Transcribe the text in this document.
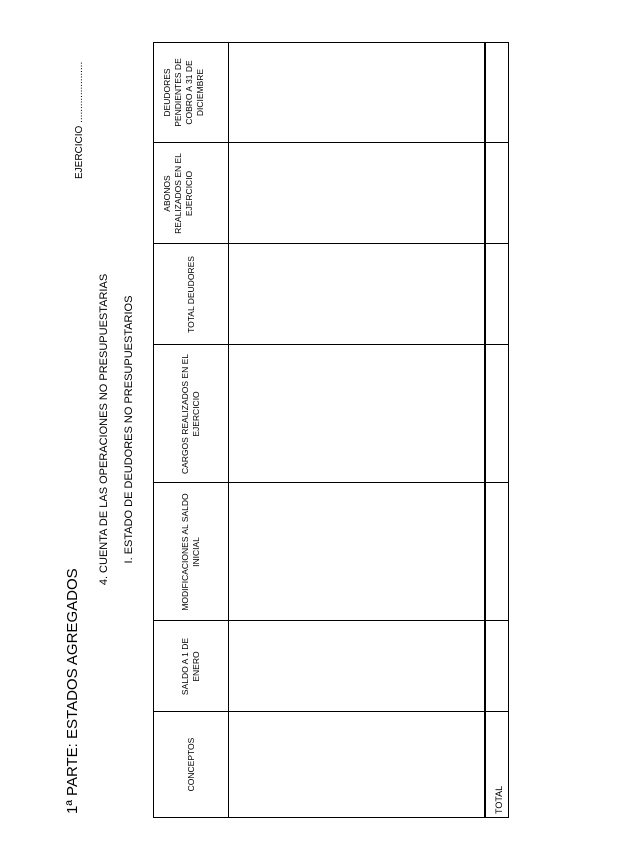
1ª PARTE: ESTADOS AGREGADOS
EJERCICIO ......................
4. CUENTA DE LAS OPERACIONES NO PRESUPUESTARIAS I. ESTADO DE DEUDORES NO PRESUPUESTARIOS
CONCEPTOS
SALDO A 1 DE ENERO
MODIFICACIONES AL SALDO INICIAL
CARGOS REALIZADOS EN EL EJERCICIO
TOTAL DEUDORES
ABONOS REALIZADOS EN EL EJERCICIO
DEUDORES PENDIENTES DE COBRO A 31 DE DICIEMBRE
TOTAL
